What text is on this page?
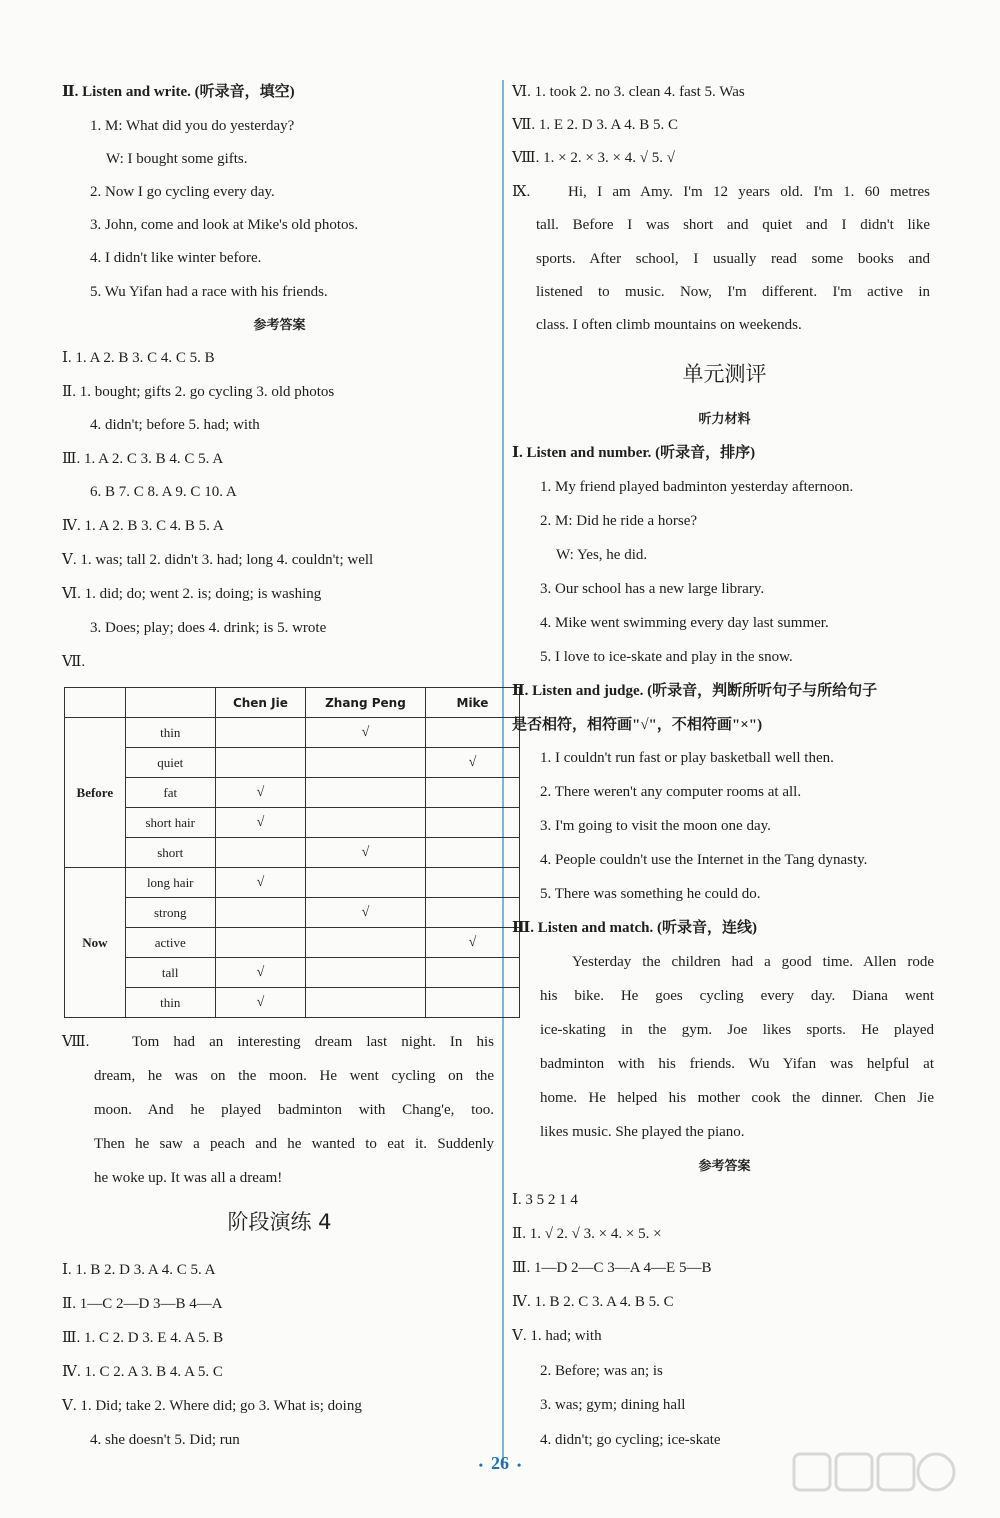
Ⅱ. Listen and write. (听录音，填空)
1. M: What did you do yesterday?
W: I bought some gifts.
2. Now I go cycling every day.
3. John, come and look at Mike's old photos.
4. I didn't like winter before.
5. Wu Yifan had a race with his friends.
参考答案
Ⅰ. 1. A 2. B 3. C 4. C 5. B
Ⅱ. 1. bought; gifts 2. go cycling 3. old photos
4. didn't; before 5. had; with
Ⅲ. 1. A 2. C 3. B 4. C 5. A
6. B 7. C 8. A 9. C 10. A
Ⅳ. 1. A 2. B 3. C 4. B 5. A
Ⅴ. 1. was; tall 2. didn't 3. had; long 4. couldn't; well
Ⅵ. 1. did; do; went 2. is; doing; is washing
3. Does; play; does 4. drink; is 5. wrote
Ⅶ.
		Chen Jie	Zhang Peng	Mike
Before	thin		√	
	quiet			√
	fat	√		
	short hair	√		
	short		√	
Now	long hair	√		
	strong		√	
	active			√
	tall	√		
	thin	√		
Ⅷ.	Tom had an interesting dream last night. In his
dream, he was on the moon. He went cycling on the
moon. And he played badminton with Chang'e, too.
Then he saw a peach and he wanted to eat it. Suddenly
he woke up. It was all a dream!
阶段演练 4
Ⅰ. 1. B 2. D 3. A 4. C 5. A
Ⅱ. 1—C 2—D 3—B 4—A
Ⅲ. 1. C 2. D 3. E 4. A 5. B
Ⅳ. 1. C 2. A 3. B 4. A 5. C
Ⅴ. 1. Did; take 2. Where did; go 3. What is; doing
4. she doesn't 5. Did; run
Ⅵ. 1. took 2. no 3. clean 4. fast 5. Was
Ⅶ. 1. E 2. D 3. A 4. B 5. C
Ⅷ. 1. × 2. × 3. × 4. √ 5. √
Ⅸ.	Hi, I am Amy. I'm 12 years old. I'm 1. 60 metres
tall. Before I was short and quiet and I didn't like
sports. After school, I usually read some books and
listened to music. Now, I'm different. I'm active in
class. I often climb mountains on weekends.
单元测评
听力材料
Ⅰ. Listen and number. (听录音，排序)
1. My friend played badminton yesterday afternoon.
2. M: Did he ride a horse?
W: Yes, he did.
3. Our school has a new large library.
4. Mike went swimming every day last summer.
5. I love to ice-skate and play in the snow.
Ⅱ. Listen and judge. (听录音，判断所听句子与所给句子
是否相符，相符画"√"，不相符画"×")
1. I couldn't run fast or play basketball well then.
2. There weren't any computer rooms at all.
3. I'm going to visit the moon one day.
4. People couldn't use the Internet in the Tang dynasty.
5. There was something he could do.
Ⅲ. Listen and match. (听录音，连线)
Yesterday the children had a good time. Allen rode
his bike. He goes cycling every day. Diana went
ice-skating in the gym. Joe likes sports. He played
badminton with his friends. Wu Yifan was helpful at
home. He helped his mother cook the dinner. Chen Jie
likes music. She played the piano.
参考答案
Ⅰ. 3 5 2 1 4
Ⅱ. 1. √ 2. √ 3. × 4. × 5. ×
Ⅲ. 1—D 2—C 3—A 4—E 5—B
Ⅳ. 1. B 2. C 3. A 4. B 5. C
Ⅴ. 1. had; with
2. Before; was an; is
3. was; gym; dining hall
4. didn't; go cycling; ice-skate
• 26 •
